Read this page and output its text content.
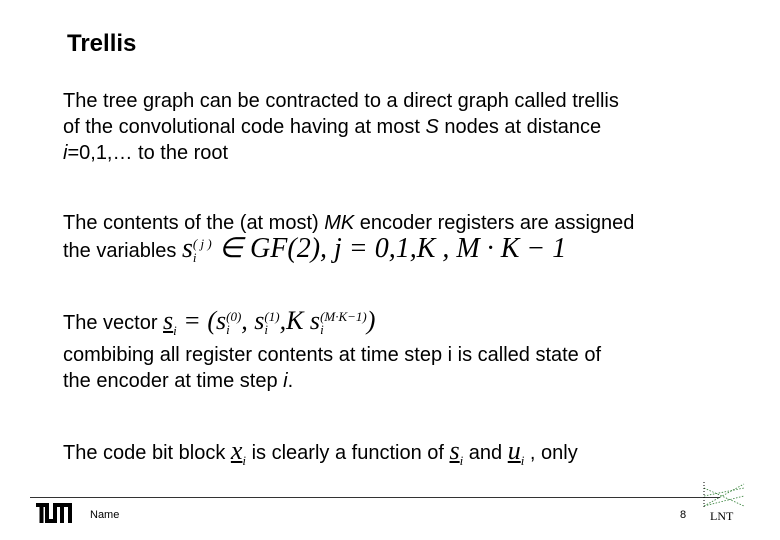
Trellis
The tree graph can be contracted to a direct graph called trellis
of the convolutional code having at most S nodes at distance
i=0,1,… to the root
The contents of the (at most) MK encoder registers are assigned
the variables s ( j )
i ∈ GF(2), j = 0,1,K , M · K − 1
The vector $s_i = (s$ (0)
i , s (1)
i ,K s (M·K−1)
i	)
combibing all register contents at time step i is called state of
the encoder at time step i.
The code bit block $x_i$ is clearly a function of $s_i$ and $u_i$ , only
Name	8 LNT
